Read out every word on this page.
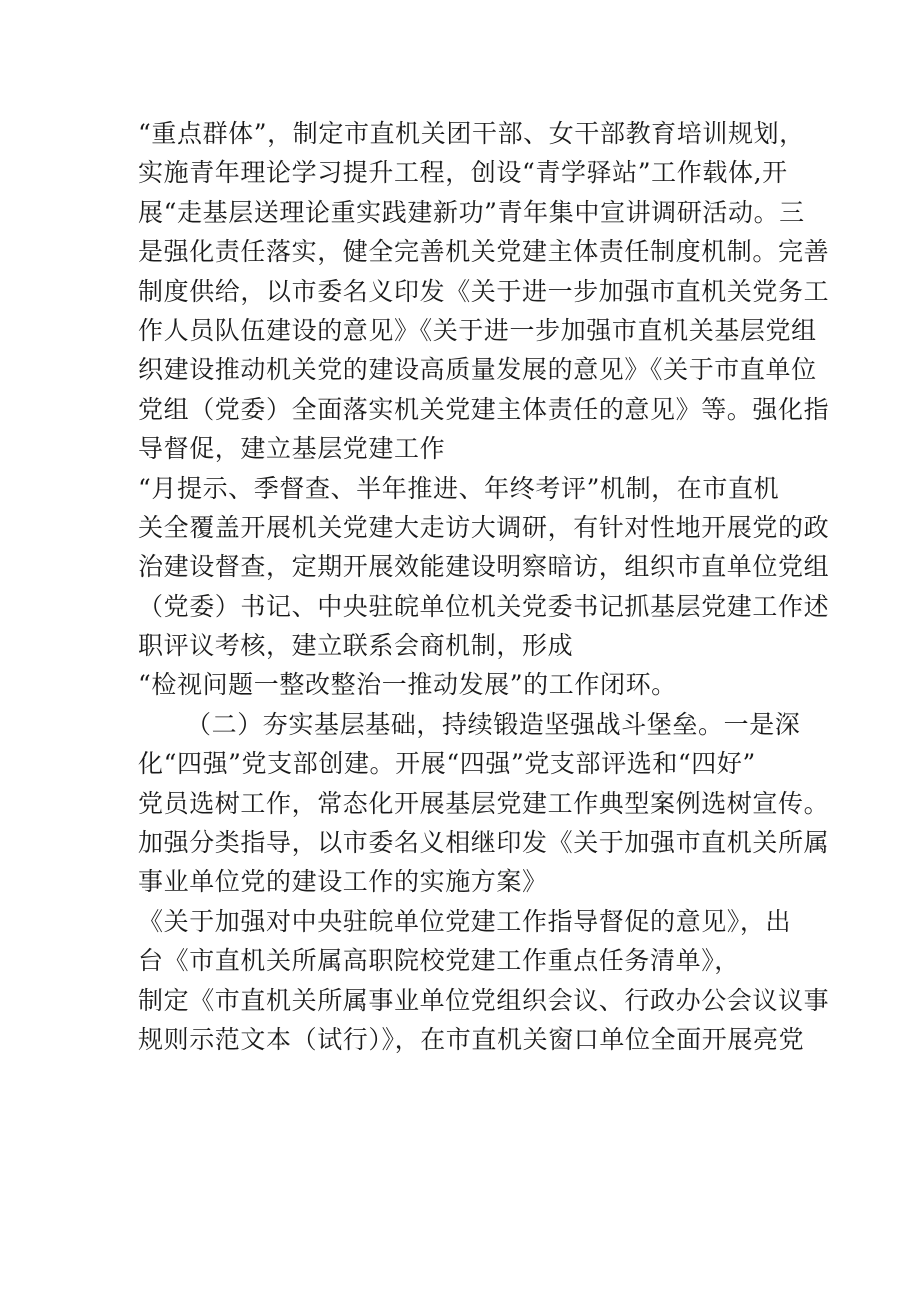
“重点群体”，制定市直机关团干部、女干部教育培训规划，
实施青年理论学习提升工程，创设“青学驿站”工作载体,开
展“走基层送理论重实践建新功”青年集中宣讲调研活动。三
是强化责任落实，健全完善机关党建主体责任制度机制。完善
制度供给，以市委名义印发《关于进一步加强市直机关党务工
作人员队伍建设的意见》《关于进一步加强市直机关基层党组
织建设推动机关党的建设高质量发展的意见》《关于市直单位
党组（党委）全面落实机关党建主体责任的意见》等。强化指
导督促，建立基层党建工作
“月提示、季督查、半年推进、年终考评”机制，在市直机
关全覆盖开展机关党建大走访大调研，有针对性地开展党的政
治建设督查，定期开展效能建设明察暗访，组织市直单位党组
（党委）书记、中央驻皖单位机关党委书记抓基层党建工作述
职评议考核，建立联系会商机制，形成
“检视问题一整改整治一推动发展”的工作闭环。
（二）夯实基层基础，持续锻造坚强战斗堡垒。一是深
化“四强”党支部创建。开展“四强”党支部评选和“四好”
党员选树工作，常态化开展基层党建工作典型案例选树宣传。
加强分类指导，以市委名义相继印发《关于加强市直机关所属
事业单位党的建设工作的实施方案》
《关于加强对中央驻皖单位党建工作指导督促的意见》，出
台《市直机关所属高职院校党建工作重点任务清单》，
制定《市直机关所属事业单位党组织会议、行政办公会议议事
规则示范文本（试行）》，在市直机关窗口单位全面开展亮党
